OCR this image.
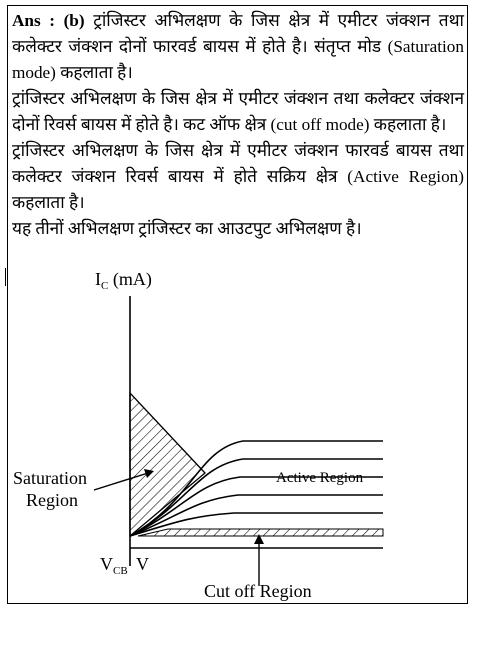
Ans : (b) ट्रांजिस्टर अभिलक्षण के जिस क्षेत्र में एमीटर जंक्शन तथा कलेक्टर जंक्शन दोनों फारवर्ड बायस में होते है। संतृप्त मोड (Saturation mode) कहलाता है।

ट्रांजिस्टर अभिलक्षण के जिस क्षेत्र में एमीटर जंक्शन तथा कलेक्टर जंक्शन दोनों रिवर्स बायस में होते है। कट ऑफ क्षेत्र (cut off mode) कहलाता है।

ट्रांजिस्टर अभिलक्षण के जिस क्षेत्र में एमीटर जंक्शन फारवर्ड बायस तथा कलेक्टर जंक्शन रिवर्स बायस में होते सक्रिय क्षेत्र (Active Region) कहलाता है।

यह तीनों अभिलक्षण ट्रांजिस्टर का आउटपुट अभिलक्षण है।

$I_C$ (mA)
Saturation
Region
Active Region
Cut off Region
$V_{CB}$ V
